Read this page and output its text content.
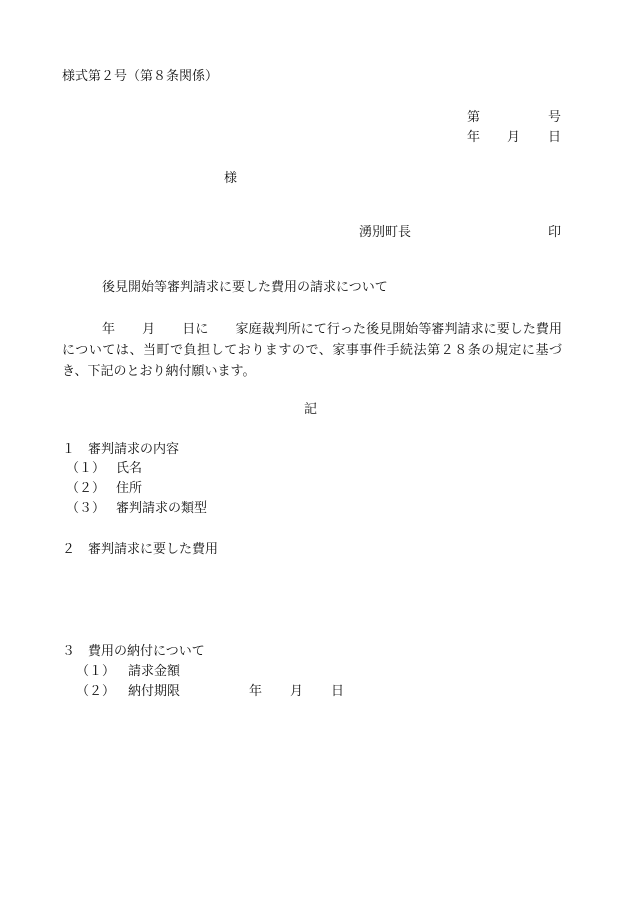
様式第２号（第８条関係）
第	号
年 月 日
様
湧別町長	印
後見開始等審判請求に要した費用の請求について
年 月 日に 家庭裁判所にて行った後見開始等審判請求に要した費用については、当町で負担しておりますので、家事事件手続法第２８条の規定に基づき、下記のとおり納付願います。
記
１　審判請求の内容
（１） 氏名
（２） 住所
（３） 審判請求の類型
２　審判請求に要した費用
３　費用の納付について
（１） 請求金額
（２） 納付期限	年 月 日
